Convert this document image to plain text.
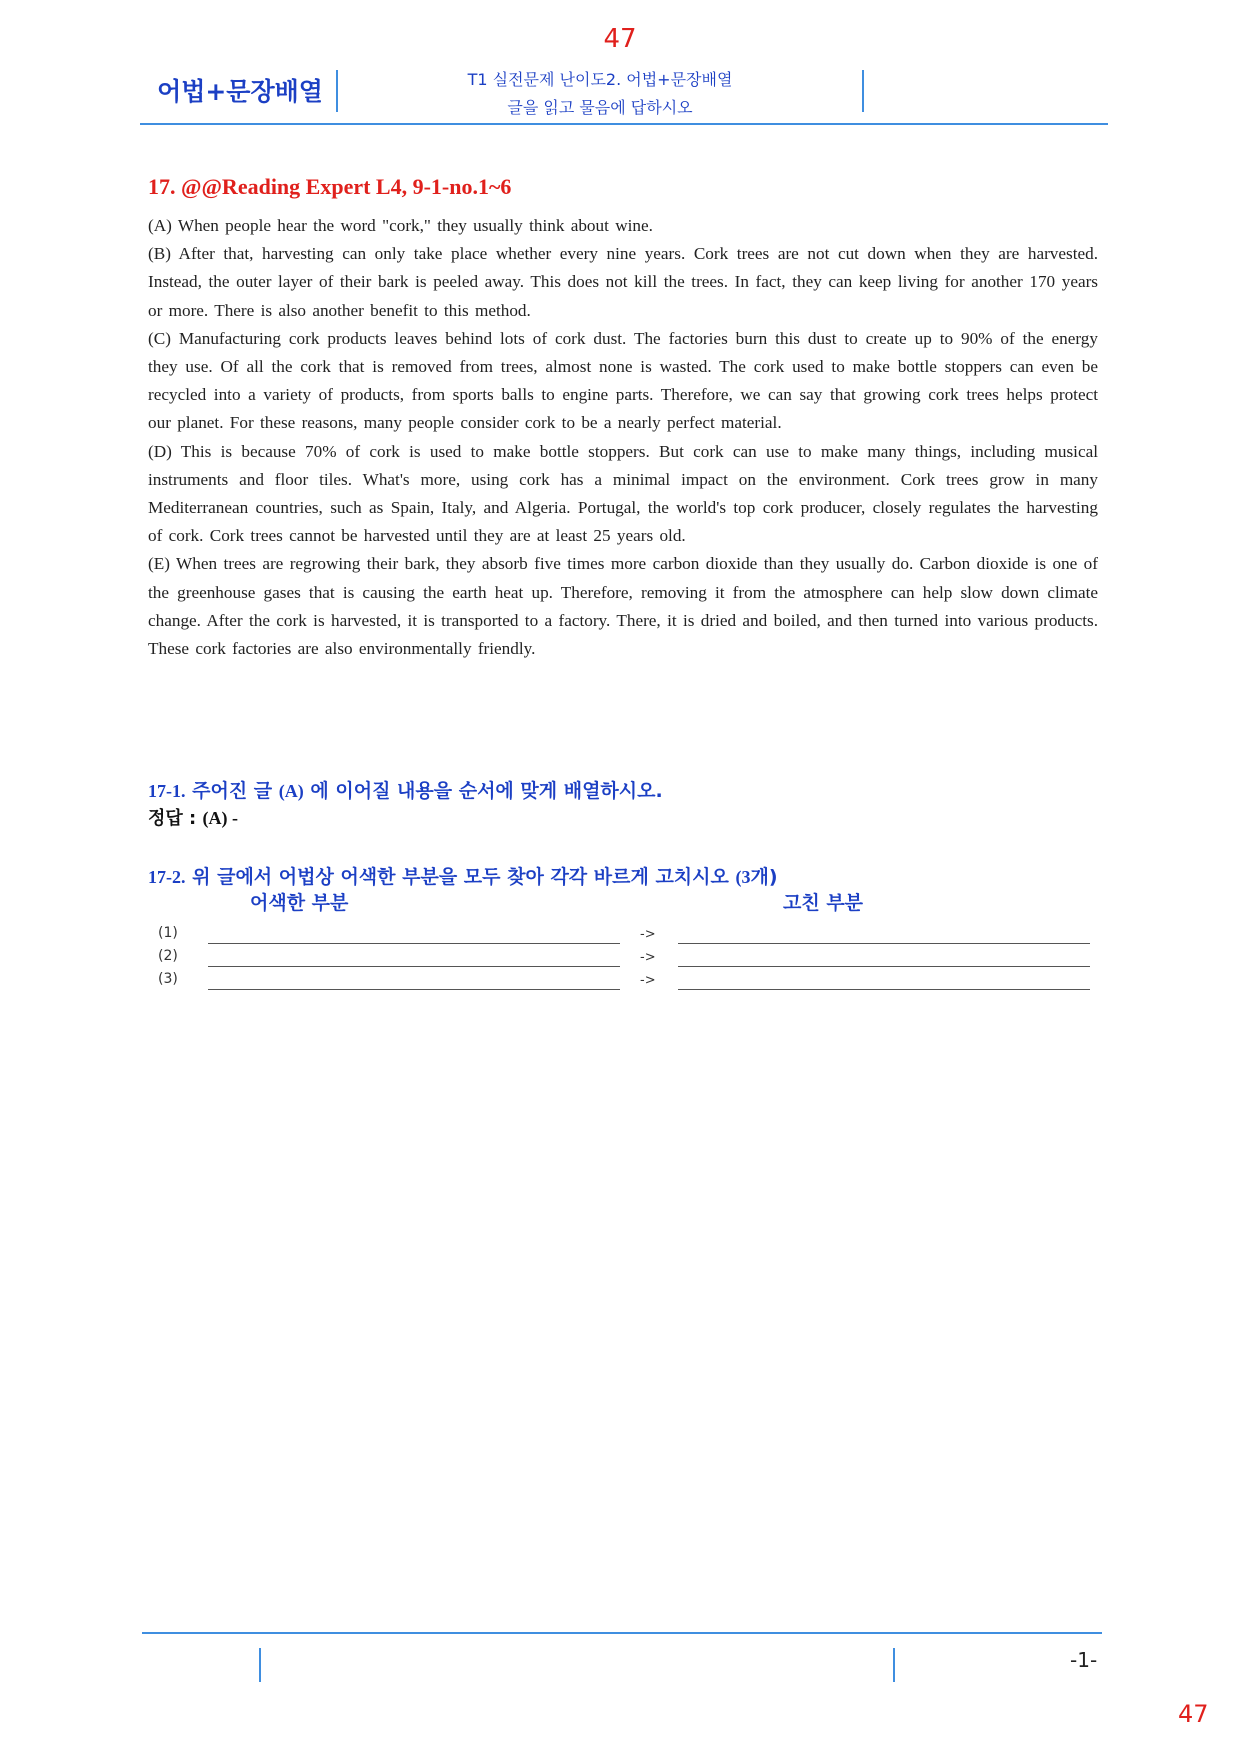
47
어법+문장배열	T1 실전문제 난이도2. 어법+문장배열
글을 읽고 물음에 답하시오
17. @@Reading Expert L4, 9-1-no.1~6

(A) When people hear the word "cork," they usually think about wine.

(B) After that, harvesting can only take place whether every nine years. Cork trees are not cut down when they are harvested. Instead, the outer layer of their bark is peeled away. This does not kill the trees. In fact, they can keep living for another 170 years or more. There is also another benefit to this method.

(C) Manufacturing cork products leaves behind lots of cork dust. The factories burn this dust to create up to 90% of the energy they use. Of all the cork that is removed from trees, almost none is wasted. The cork used to make bottle stoppers can even be recycled into a variety of products, from sports balls to engine parts. Therefore, we can say that growing cork trees helps protect our planet. For these reasons, many people consider cork to be a nearly perfect material.

(D) This is because 70% of cork is used to make bottle stoppers. But cork can use to make many things, including musical instruments and floor tiles. What's more, using cork has a minimal impact on the environment. Cork trees grow in many Mediterranean countries, such as Spain, Italy, and Algeria. Portugal, the world's top cork producer, closely regulates the harvesting of cork. Cork trees cannot be harvested until they are at least 25 years old.

(E) When trees are regrowing their bark, they absorb five times more carbon dioxide than they usually do. Carbon dioxide is one of the greenhouse gases that is causing the earth heat up. Therefore, removing it from the atmosphere can help slow down climate change. After the cork is harvested, it is transported to a factory. There, it is dried and boiled, and then turned into various products. These cork factories are also environmentally friendly.

17-1. 주어진 글 (A) 에 이어질 내용을 순서에 맞게 배열하시오.
정답 : (A) -
17-2. 위 글에서 어법상 어색한 부분을 모두 찾아 각각 바르게 고치시오 (3개)
어색한 부분	고친 부분
(1)	->
(2)	->
(3)	->
-1-
47
